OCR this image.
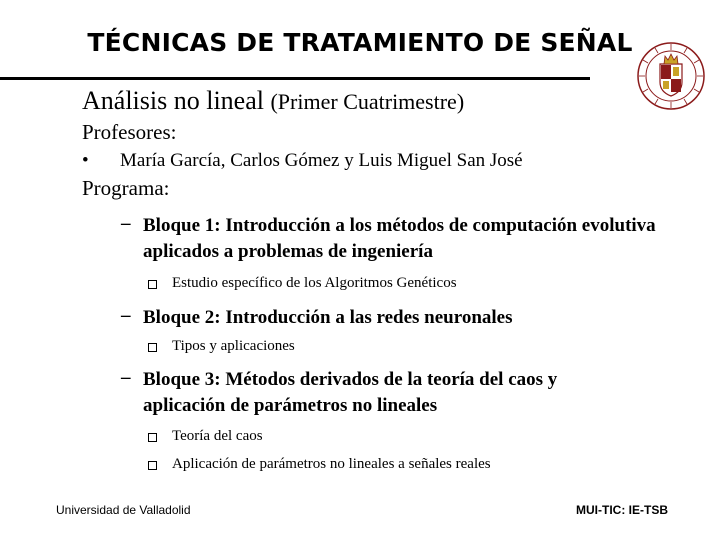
TÉCNICAS DE TRATAMIENTO DE SEÑAL
Análisis no lineal (Primer Cuatrimestre)
Profesores:
• María García, Carlos Gómez y Luis Miguel San José
Programa:
– Bloque 1: Introducción a los métodos de computación evolutiva aplicados a problemas de ingeniería
Estudio específico de los Algoritmos Genéticos
– Bloque 2: Introducción a las redes neuronales
Tipos y aplicaciones
– Bloque 3: Métodos derivados de la teoría del caos y aplicación de parámetros no lineales
Teoría del caos
Aplicación de parámetros no lineales a señales reales
Universidad de Valladolid	MUI-TIC: IE-TSB
